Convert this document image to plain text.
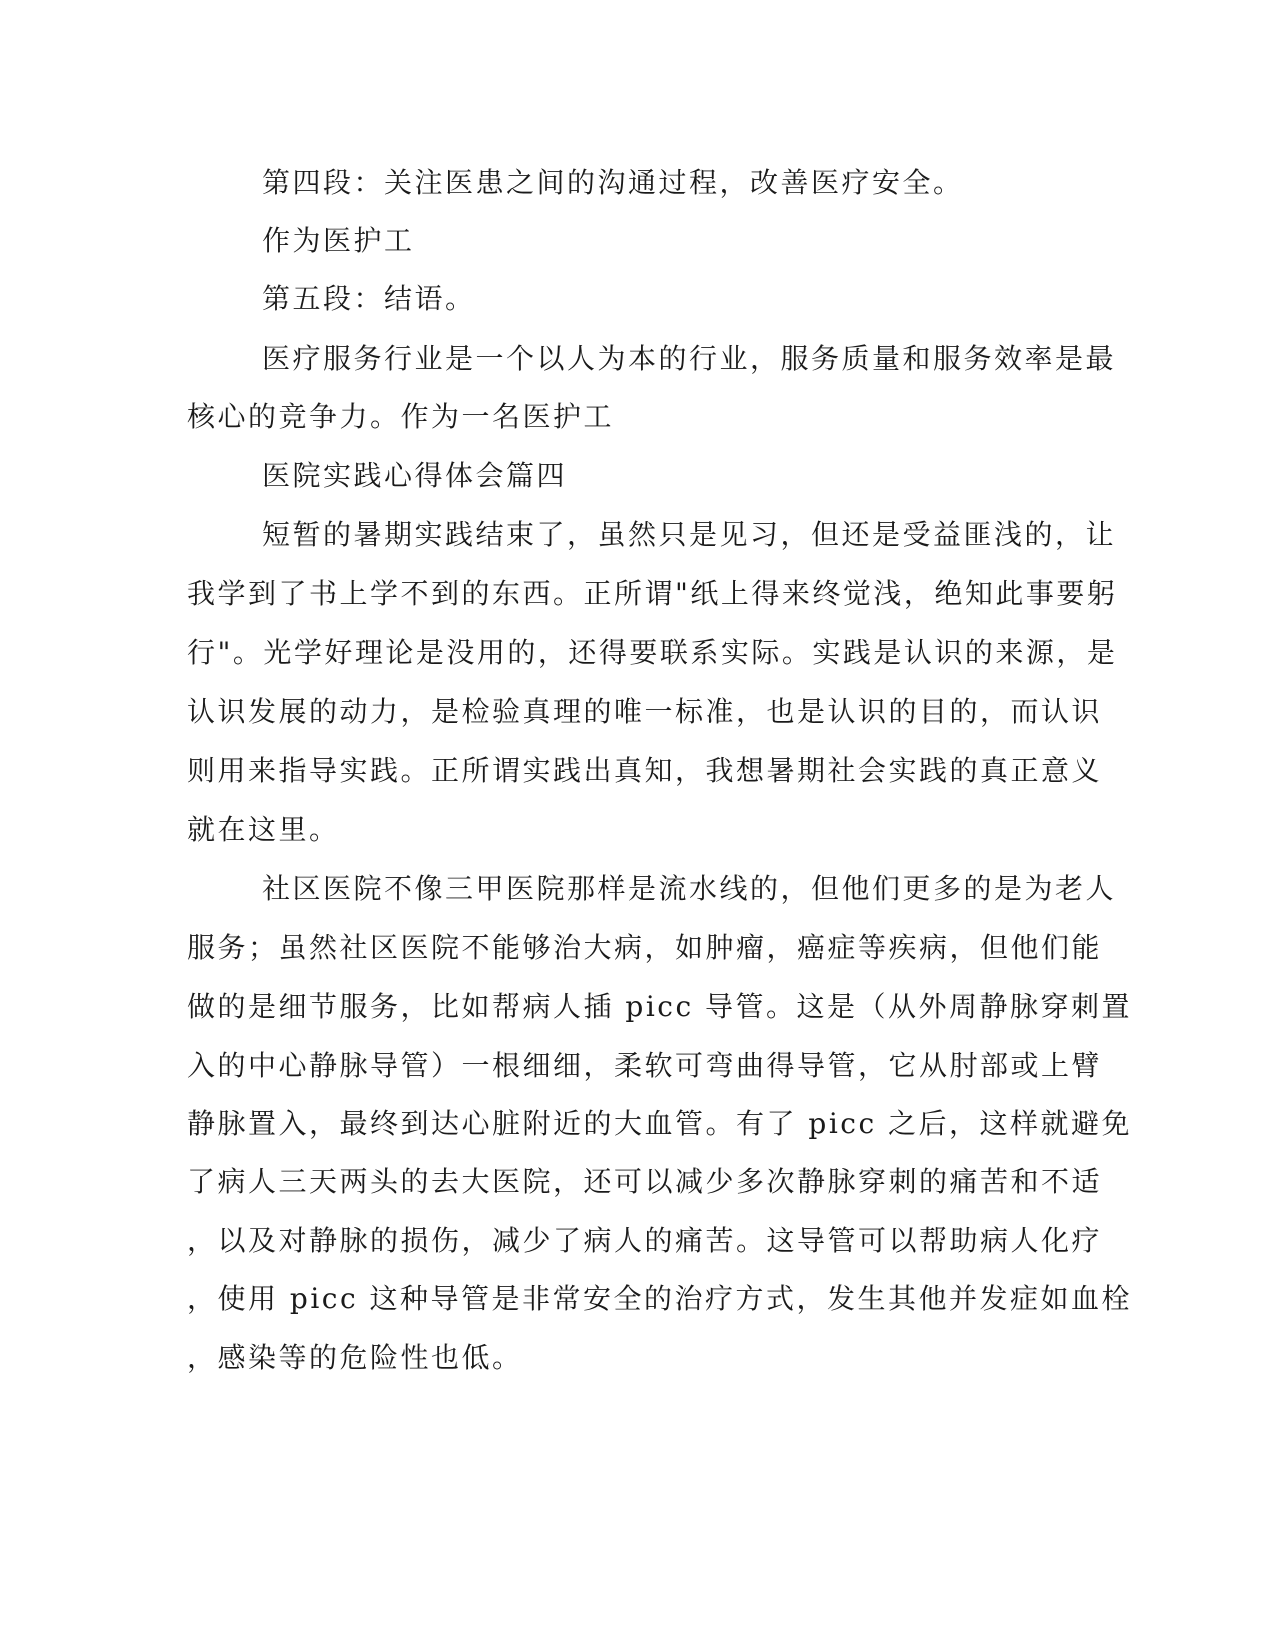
第四段：关注医患之间的沟通过程，改善医疗安全。
作为医护工
第五段：结语。
医疗服务行业是一个以人为本的行业，服务质量和服务效率是最
核心的竞争力。作为一名医护工
医院实践心得体会篇四
短暂的暑期实践结束了，虽然只是见习，但还是受益匪浅的，让
我学到了书上学不到的东西。正所谓"纸上得来终觉浅，绝知此事要躬
行"。光学好理论是没用的，还得要联系实际。实践是认识的来源，是
认识发展的动力，是检验真理的唯一标准，也是认识的目的，而认识
则用来指导实践。正所谓实践出真知，我想暑期社会实践的真正意义
就在这里。
社区医院不像三甲医院那样是流水线的，但他们更多的是为老人
服务；虽然社区医院不能够治大病，如肿瘤，癌症等疾病，但他们能
做的是细节服务，比如帮病人插 picc 导管。这是（从外周静脉穿刺置
入的中心静脉导管）一根细细，柔软可弯曲得导管，它从肘部或上臂
静脉置入，最终到达心脏附近的大血管。有了 picc 之后，这样就避免
了病人三天两头的去大医院，还可以减少多次静脉穿刺的痛苦和不适
，以及对静脉的损伤，减少了病人的痛苦。这导管可以帮助病人化疗
，使用 picc 这种导管是非常安全的治疗方式，发生其他并发症如血栓
，感染等的危险性也低。
